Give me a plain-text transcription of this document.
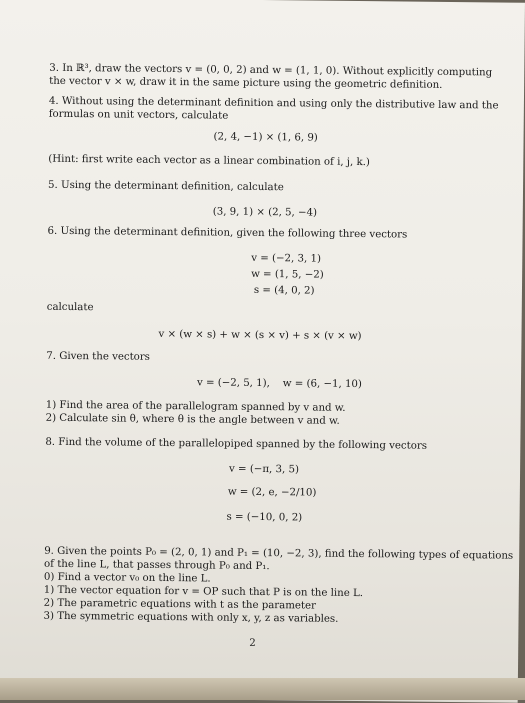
3. In ℝ³, draw the vectors v = (0, 0, 2) and w = (1, 1, 0). Without explicitly computing
the vector v × w, draw it in the same picture using the geometric definition.
4. Without using the determinant definition and using only the distributive law and the
formulas on unit vectors, calculate
(2, 4, −1) × (1, 6, 9)
(Hint: first write each vector as a linear combination of i, j, k.)
5. Using the determinant definition, calculate
(3, 9, 1) × (2, 5, −4)
6. Using the determinant definition, given the following three vectors
v = (−2, 3, 1)
w = (1, 5, −2)
s = (4, 0, 2)
calculate
v × (w × s) + w × (s × v) + s × (v × w)
7. Given the vectors
v = (−2, 5, 1),    w = (6, −1, 10)
1) Find the area of the parallelogram spanned by v and w.
2) Calculate sin θ, where θ is the angle between v and w.
8. Find the volume of the parallelopiped spanned by the following vectors
v = (−π, 3, 5)
w = (2, e, −2/10)
s = (−10, 0, 2)
9. Given the points P₀ = (2, 0, 1) and P₁ = (10, −2, 3), find the following types of equations
of the line L, that passes through P₀ and P₁.
0) Find a vector v₀ on the line L.
1) The vector equation for v = OP such that P is on the line L.
2) The parametric equations with t as the parameter
3) The symmetric equations with only x, y, z as variables.
2
